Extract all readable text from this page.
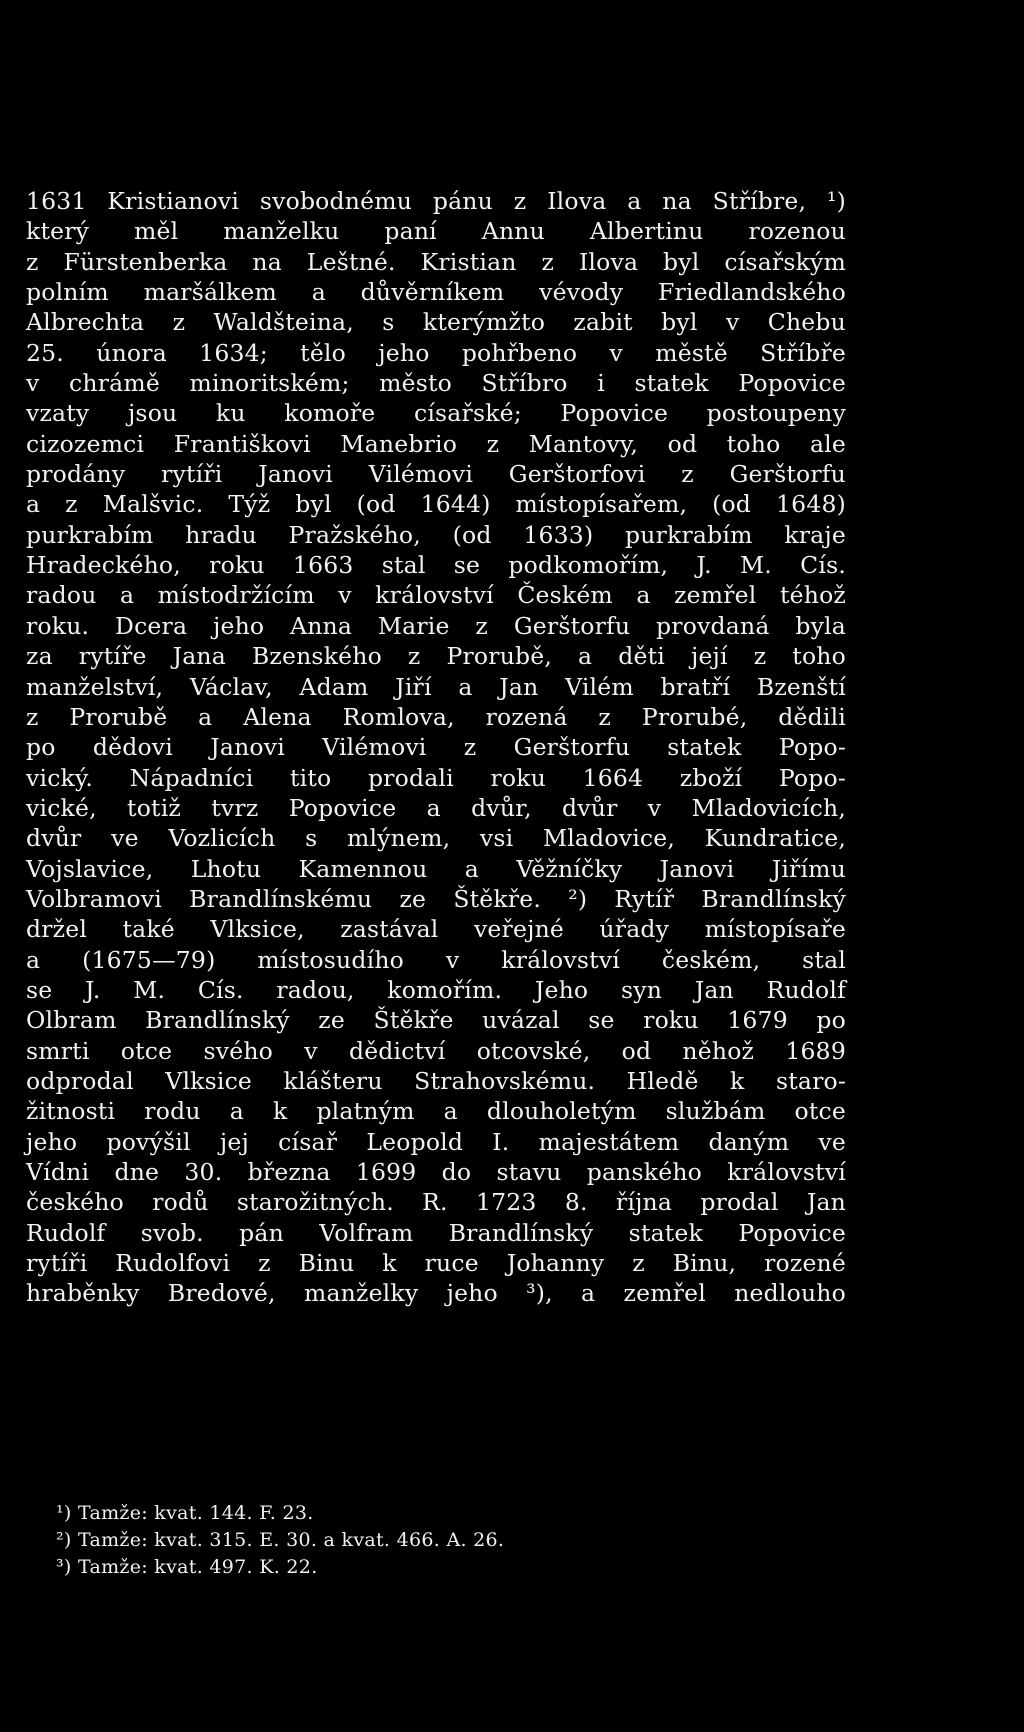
1631 Kristianovi svobodnému pánu z Ilova a na Stříbre, ¹)
který měl manželku paní Annu Albertinu rozenou
z Fürstenberka na Leštné. Kristian z Ilova byl císařským
polním maršálkem a důvěrníkem vévody Friedlandského
Albrechta z Waldšteina, s kterýmžto zabit byl v Chebu
25. února 1634; tělo jeho pohřbeno v městě Stříbře
v chrámě minoritském; město Stříbro i statek Popovice
vzaty jsou ku komoře císařské; Popovice postoupeny
cizozemci Františkovi Manebrio z Mantovy, od toho ale
prodány rytíři Janovi Vilémovi Gerštorfovi z Gerštorfu
a z Malšvic. Týž byl (od 1644) místopísařem, (od 1648)
purkrabím hradu Pražského, (od 1633) purkrabím kraje
Hradeckého, roku 1663 stal se podkomořím, J. M. Cís.
radou a místodržícím v království Českém a zemřel téhož
roku. Dcera jeho Anna Marie z Gerštorfu provdaná byla
za rytíře Jana Bzenského z Prorubě, a děti její z toho
manželství, Václav, Adam Jiří a Jan Vilém bratří Bzenští
z Prorubě a Alena Romlova, rozená z Prorubé, dědili
po dědovi Janovi Vilémovi z Gerštorfu statek Popo-
vický. Nápadníci tito prodali roku 1664 zboží Popo-
vické, totiž tvrz Popovice a dvůr, dvůr v Mladovicích,
dvůr ve Vozlicích s mlýnem, vsi Mladovice, Kundratice,
Vojslavice, Lhotu Kamennou a Věžníčky Janovi Jiřímu
Volbramovi Brandlínskému ze Štěkře. ²) Rytíř Brandlínský
držel také Vlksice, zastával veřejné úřady místopísaře
a (1675—79) místosudího v království českém, stal
se J. M. Cís. radou, komořím. Jeho syn Jan Rudolf
Olbram Brandlínský ze Štěkře uvázal se roku 1679 po
smrti otce svého v dědictví otcovské, od něhož 1689
odprodal Vlksice klášteru Strahovskému. Hledě k staro-
žitnosti rodu a k platným a dlouholetým službám otce
jeho povýšil jej císař Leopold I. majestátem daným ve
Vídni dne 30. března 1699 do stavu panského království
českého rodů starožitných. R. 1723 8. října prodal Jan
Rudolf svob. pán Volfram Brandlínský statek Popovice
rytíři Rudolfovi z Binu k ruce Johanny z Binu, rozené
hraběnky Bredové, manželky jeho ³), a zemřel nedlouho
¹) Tamže: kvat. 144. F. 23.
²) Tamže: kvat. 315. E. 30. a kvat. 466. A. 26.
³) Tamže: kvat. 497. K. 22.
